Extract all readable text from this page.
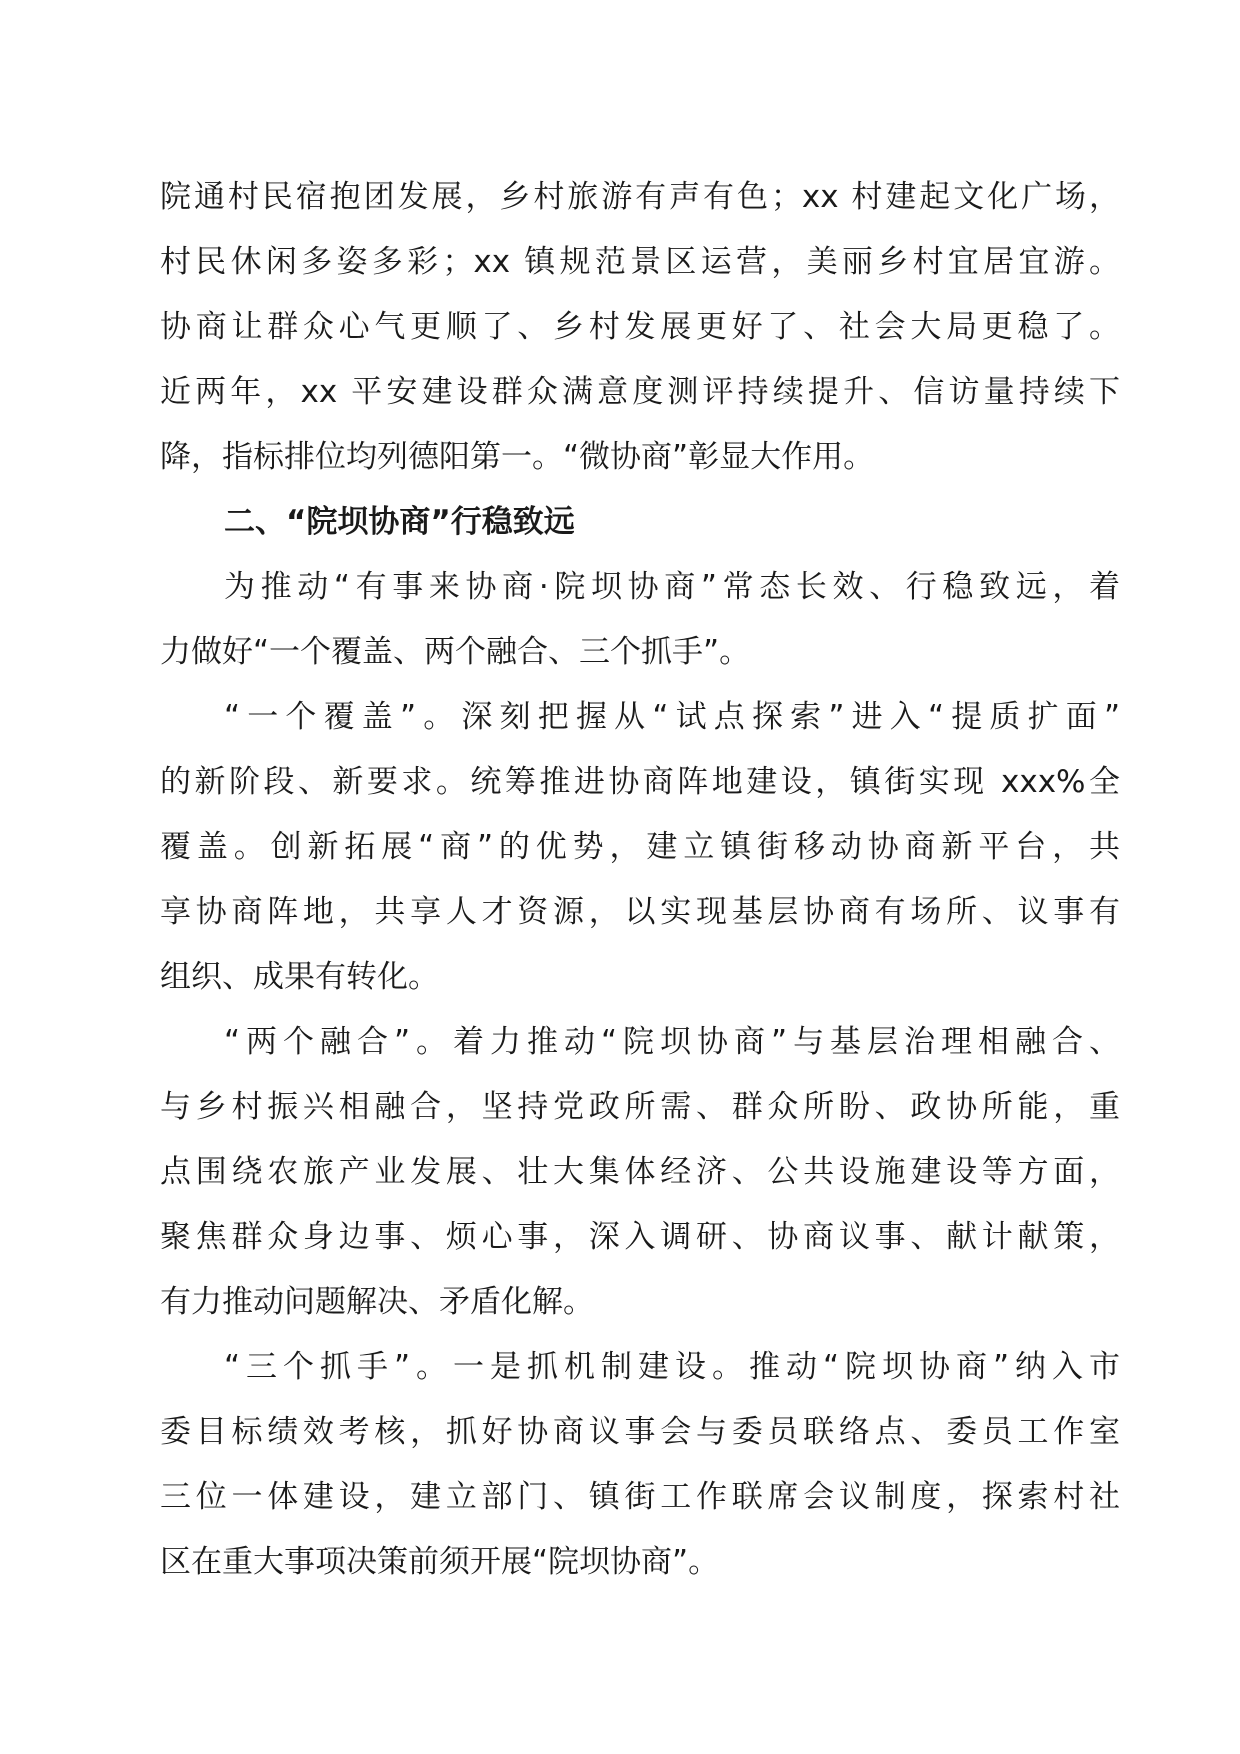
院通村民宿抱团发展，乡村旅游有声有色；xx 村建起文化广场，
村民休闲多姿多彩；xx 镇规范景区运营，美丽乡村宜居宜游。
协商让群众心气更顺了、乡村发展更好了、社会大局更稳了。
近两年，xx 平安建设群众满意度测评持续提升、信访量持续下
降，指标排位均列德阳第一。“微协商”彰显大作用。
二、“院坝协商”行稳致远
为推动“有事来协商·院坝协商”常态长效、行稳致远，着
力做好“一个覆盖、两个融合、三个抓手”。
“一个覆盖”。深刻把握从“试点探索”进入“提质扩面”
的新阶段、新要求。统筹推进协商阵地建设，镇街实现 xxx%全
覆盖。创新拓展“商”的优势，建立镇街移动协商新平台，共
享协商阵地，共享人才资源，以实现基层协商有场所、议事有
组织、成果有转化。
“两个融合”。着力推动“院坝协商”与基层治理相融合、
与乡村振兴相融合，坚持党政所需、群众所盼、政协所能，重
点围绕农旅产业发展、壮大集体经济、公共设施建设等方面，
聚焦群众身边事、烦心事，深入调研、协商议事、献计献策，
有力推动问题解决、矛盾化解。
“三个抓手”。一是抓机制建设。推动“院坝协商”纳入市
委目标绩效考核，抓好协商议事会与委员联络点、委员工作室
三位一体建设，建立部门、镇街工作联席会议制度，探索村社
区在重大事项决策前须开展“院坝协商”。
